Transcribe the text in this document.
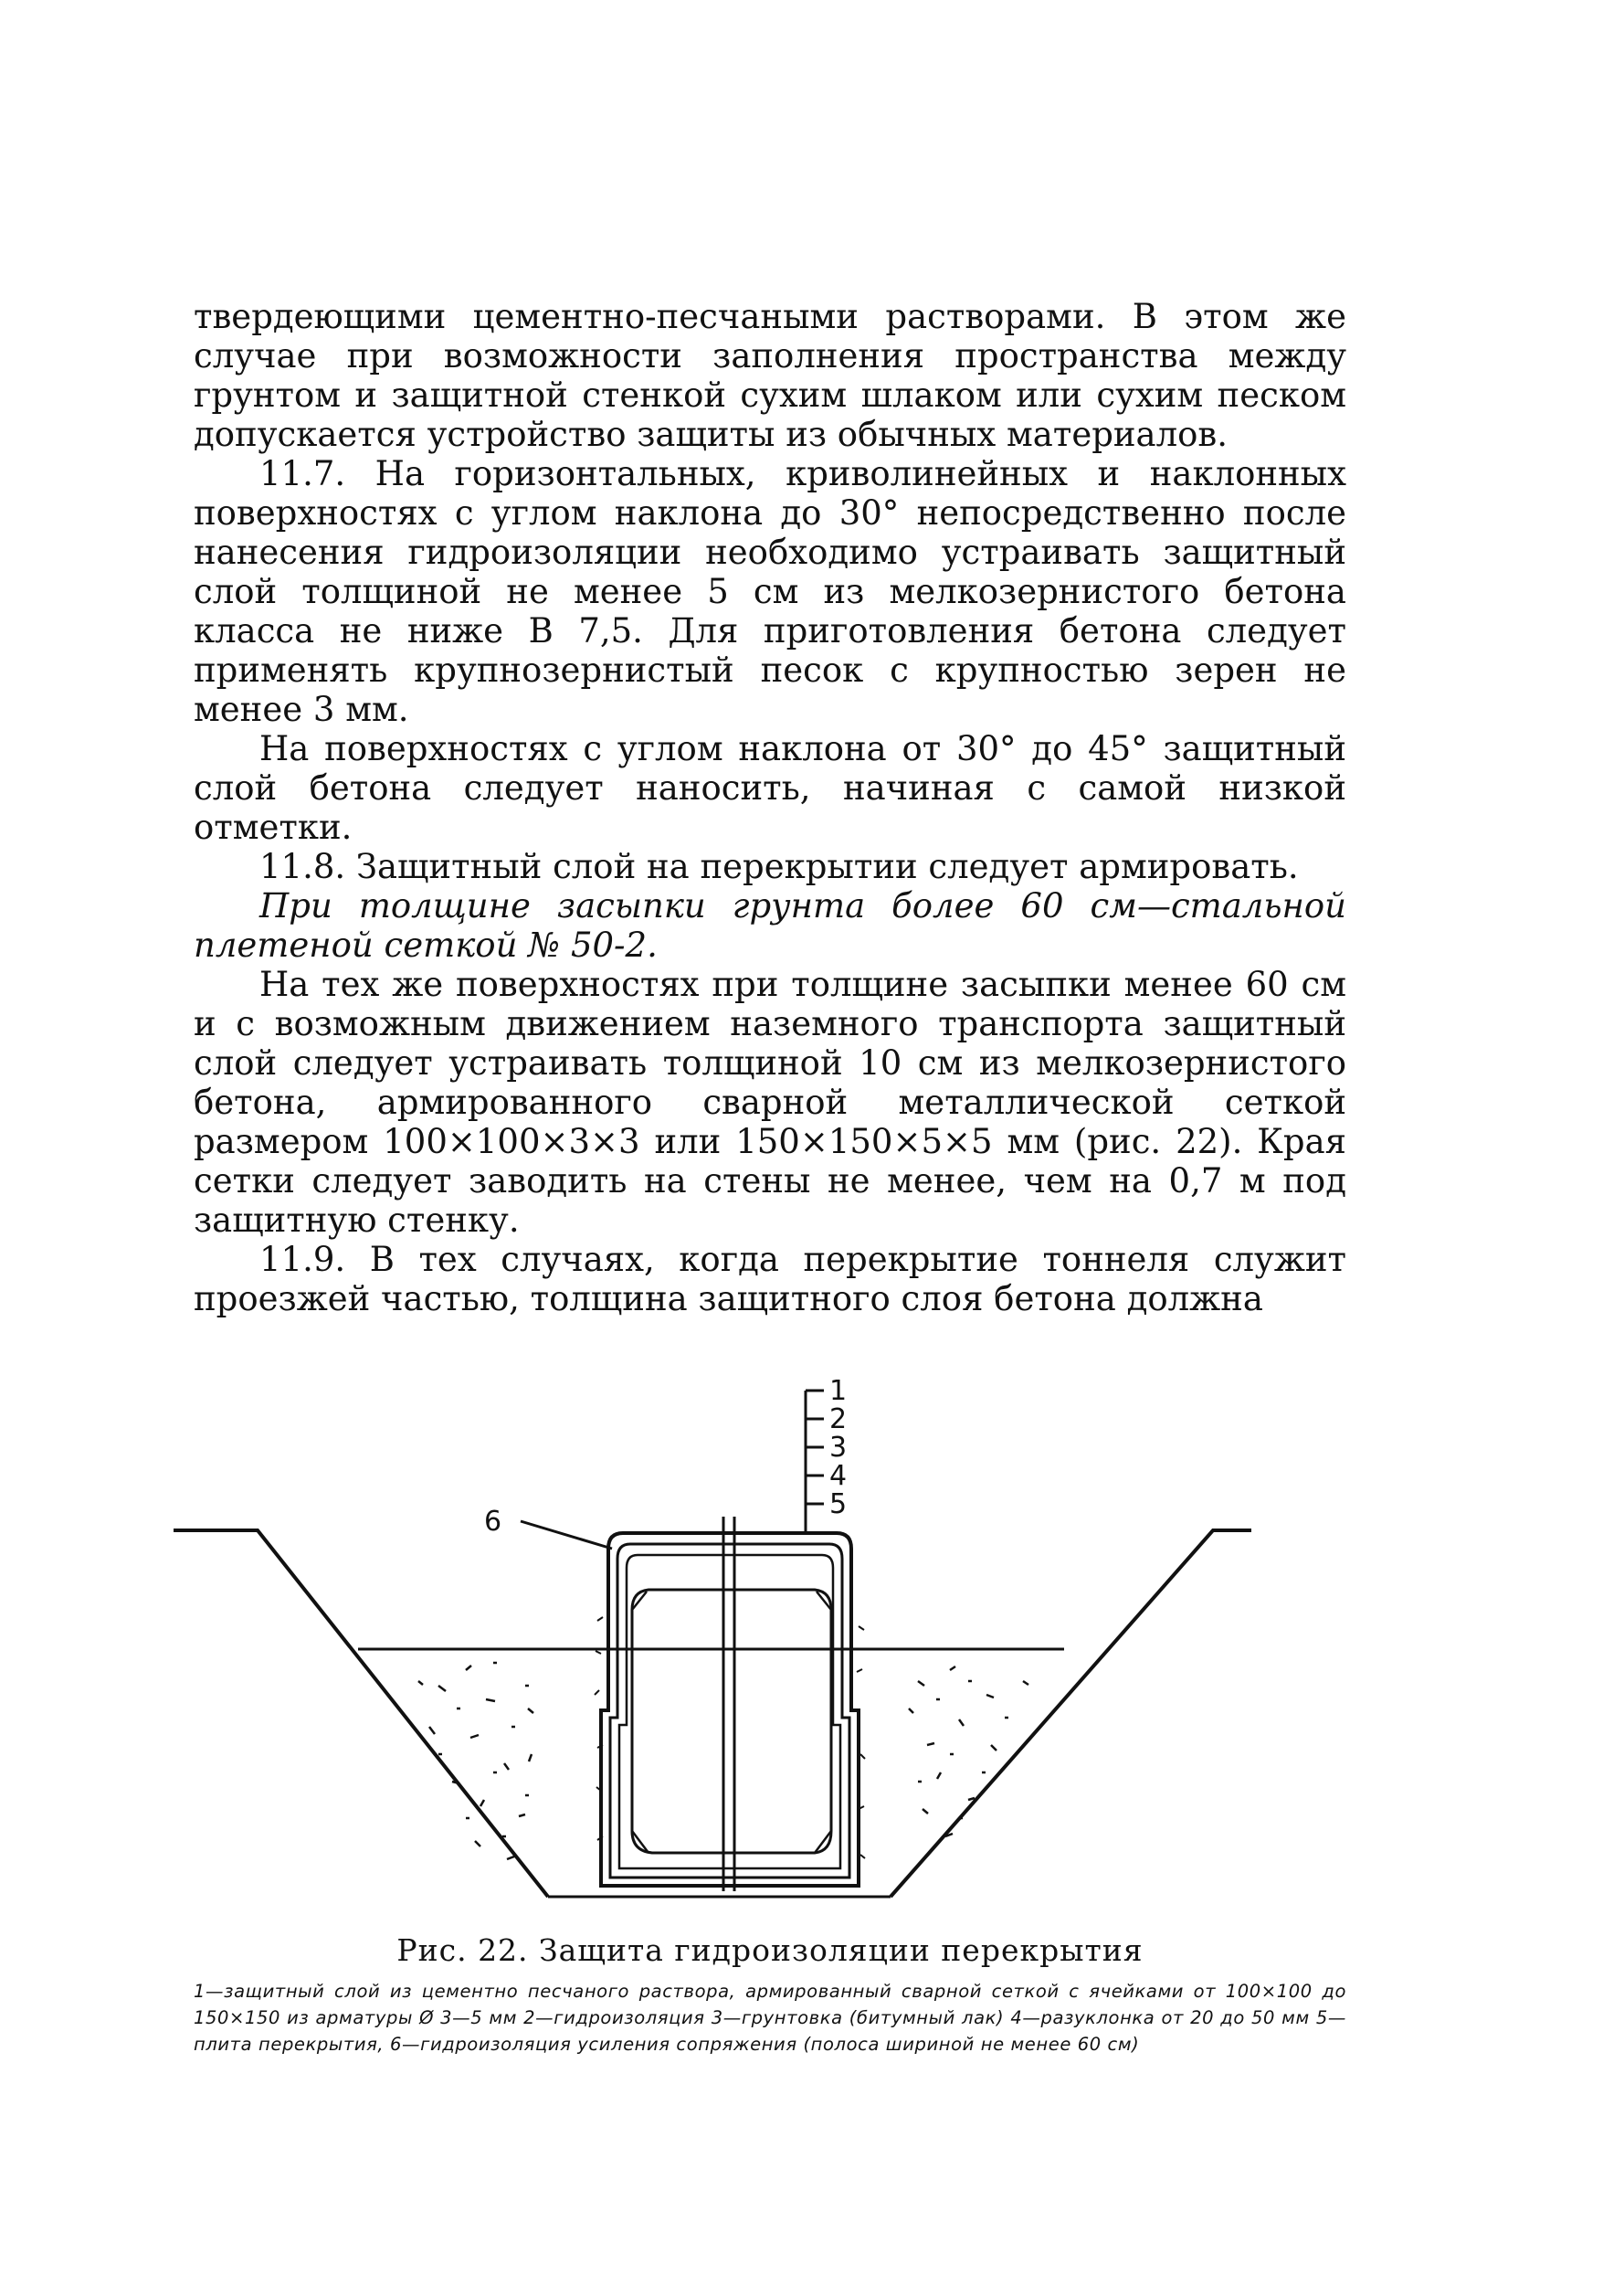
твердеющими цементно-песчаными растворами. В этом же случае при возможности заполнения пространства между грунтом и защитной стенкой сухим шлаком или сухим песком допускается устройство защиты из обычных материалов.

11.7. На горизонтальных, криволинейных и наклонных поверхностях с углом наклона до 30° непосредственно после нанесения гидроизоляции необходимо устраивать защитный слой толщиной не менее 5 см из мелкозернистого бетона класса не ниже В 7,5. Для приготовления бетона следует применять крупнозернистый песок с крупностью зерен не менее 3 мм.

На поверхностях с углом наклона от 30° до 45° защитный слой бетона следует наносить, начиная с самой низкой отметки.

11.8. Защитный слой на перекрытии следует армировать.

При толщине засыпки грунта более 60 см—стальной плетеной сеткой № 50-2.

На тех же поверхностях при толщине засыпки менее 60 см и с возможным движением наземного транспорта защитный слой следует устраивать толщиной 10 см из мелкозернистого бетона, армированного сварной металлической сеткой размером 100×100×3×3 или 150×150×5×5 мм (рис. 22). Края сетки следует заводить на стены не менее, чем на 0,7 м под защитную стенку.

11.9. В тех случаях, когда перекрытие тоннеля служит проезжей частью, толщина защитного слоя бетона должна

1
2
3
4
5
6
Рис. 22. Защита гидроизоляции перекрытия
1—защитный слой из цементно песчаного раствора, армированный сварной сеткой с ячейками от 100×100 до 150×150 из арматуры Ø 3—5 мм 2—гидроизоляция 3—грунтовка (битумный лак) 4—разуклонка от 20 до 50 мм 5—плита перекрытия, 6—гидроизоляция усиления сопряжения (полоса шириной не менее 60 см)
